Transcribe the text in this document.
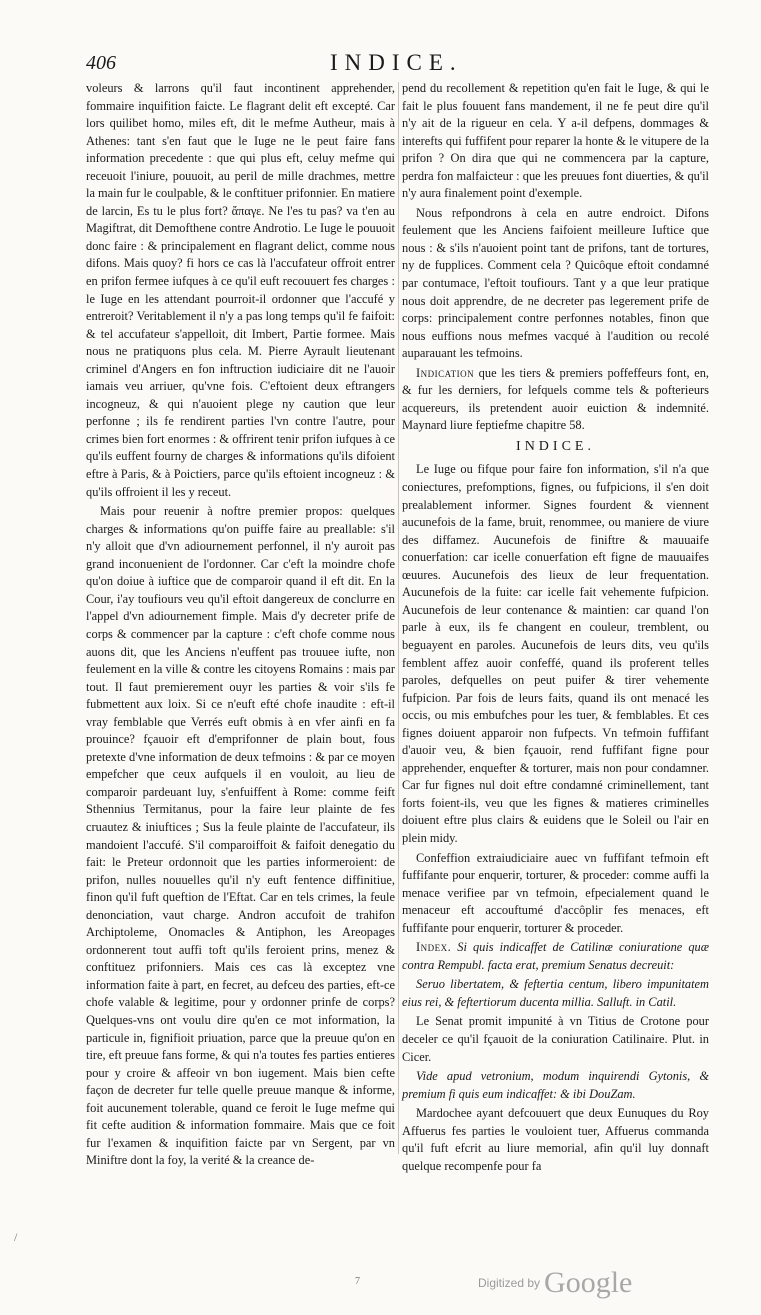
406	INDICE.

voleurs & larrons qu'il faut incontinent apprehender, fommaire inquifition faicte. Le flagrant delit eft excepté. Car lors quilibet homo, miles eft, dit le mefme Autheur, mais à Athenes: tant s'en faut que le Iuge ne le peut faire fans information precedente : que qui plus eft, celuy mefme qui receuoit l'iniure, pouuoit, au peril de mille drachmes, mettre la main fur le coulpable, & le conftituer prifonnier. En matiere de larcin, Es tu le plus fort? ἄπαγε. Ne l'es tu pas? va t'en au Magiftrat, dit Demofthene contre Androtio. Le Iuge le pouuoit donc faire : & principalement en flagrant delict, comme nous difons. Mais quoy? fi hors ce cas là l'accufateur offroit entrer en prifon fermee iufques à ce qu'il euft recouuert fes charges : le Iuge en les attendant pourroit-il ordonner que l'accufé y entreroit? Veritablement il n'y a pas long temps qu'il fe faifoit: & tel accufateur s'appelloit, dit Imbert, Partie formee. Mais nous ne pratiquons plus cela. M. Pierre Ayrault lieutenant criminel d'Angers en fon inftruction iudiciaire dit ne l'auoir iamais veu arriuer, qu'vne fois. C'eftoient deux eftrangers incogneuz, & qui n'auoient plege ny caution que leur perfonne ; ils fe rendirent parties l'vn contre l'autre, pour crimes bien fort enormes : & offrirent tenir prifon iufques à ce qu'ils euffent fourny de charges & informations qu'ils difoient eftre à Paris, & à Poictiers, parce qu'ils eftoient incogneuz : & qu'ils offroient il les y receut.

Mais pour reuenir à noftre premier propos: quelques charges & informations qu'on puiffe faire au preallable: s'il n'y alloit que d'vn adiournement perfonnel, il n'y auroit pas grand inconuenient de l'ordonner. Car c'eft la moindre chofe qu'on doiue à iuftice que de comparoir quand il eft dit. En la Cour, i'ay toufiours veu qu'il eftoit dangereux de conclurre en l'appel d'vn adiournement fimple. Mais d'y decreter prife de corps & commencer par la capture : c'eft chofe comme nous auons dit, que les Anciens n'euffent pas trouuee iufte, non feulement en la ville & contre les citoyens Romains : mais par tout. Il faut premierement ouyr les parties & voir s'ils fe fubmettent aux loix. Si ce n'euft efté chofe inaudite : eft-il vray femblable que Verrés euft obmis à en vfer ainfi en fa prouince? fçauoir eft d'emprifonner de plain bout, fous pretexte d'vne information de deux tefmoins : & par ce moyen empefcher que ceux aufquels il en vouloit, au lieu de comparoir pardeuant luy, s'enfuiffent à Rome: comme feift Sthennius Termitanus, pour la faire leur plainte de fes cruautez & iniuftices ; Sus la feule plainte de l'accufateur, ils mandoient l'accufé. S'il comparoiffoit & faifoit denegatio du fait: le Preteur ordonnoit que les parties informeroient: de prifon, nulles nouuelles qu'il n'y euft fentence diffinitiue, finon qu'il fuft queftion de l'Eftat. Car en tels crimes, la feule denonciation, vaut charge. Andron accufoit de trahifon Archiptoleme, Onomacles & Antiphon, les Areopages ordonnerent tout auffi toft qu'ils feroient prins, menez & conftituez prifonniers. Mais ces cas là exceptez vne information faite à part, en fecret, au defceu des parties, eft-ce chofe valable & legitime, pour y ordonner prinfe de corps? Quelques-vns ont voulu dire qu'en ce mot information, la particule in, fignifioit priuation, parce que la preuue qu'on en tire, eft preuue fans forme, & qui n'a toutes fes parties entieres pour y croire & affeoir vn bon iugement. Mais bien cefte façon de decreter fur telle quelle preuue manque & informe, foit aucunement tolerable, quand ce feroit le Iuge mefme qui fit cefte audition & information fommaire. Mais que ce foit fur l'examen & inquifition faicte par vn Sergent, par vn Miniftre dont la foy, la verité & la creance de-

pend du recollement & repetition qu'en fait le Iuge, & qui le fait le plus fouuent fans mandement, il ne fe peut dire qu'il n'y ait de la rigueur en cela. Y a-il defpens, dommages & interefts qui fuffifent pour reparer la honte & le vitupere de la prifon ? On dira que qui ne commencera par la capture, perdra fon malfaicteur : que les preuues font diuerties, & qu'il n'y aura finalement point d'exemple.

Nous refpondrons à cela en autre endroict. Difons feulement que les Anciens faifoient meilleure Iuftice que nous : & s'ils n'auoient point tant de prifons, tant de tortures, ny de fupplices. Comment cela ? Quicôque eftoit condamné par contumace, l'eftoit toufiours. Tant y a que leur pratique nous doit apprendre, de ne decreter pas legerement prife de corps: principalement contre perfonnes notables, finon que nous euffions nous mefmes vacqué à l'audition ou recolé auparauant les tefmoins.

Indication que les tiers & premiers poffeffeurs font, en, & fur les derniers, for lefquels comme tels & pofterieurs acquereurs, ils pretendent auoir euiction & indemnité. Maynard liure feptiefme chapitre 58.

INDICE.

Le Iuge ou fifque pour faire fon information, s'il n'a que coniectures, prefomptions, fignes, ou fufpicions, il s'en doit prealablement informer. Signes fourdent & viennent aucunefois de la fame, bruit, renommee, ou maniere de viure des diffamez. Aucunefois de finiftre & mauuaife conuerfation: car icelle conuerfation eft figne de mauuaifes œuures. Aucunefois des lieux de leur frequentation. Aucunefois de la fuite: car icelle fait vehemente fufpicion. Aucunefois de leur contenance & maintien: car quand l'on parle à eux, ils fe changent en couleur, tremblent, ou beguayent en paroles. Aucunefois de leurs dits, veu qu'ils femblent affez auoir confeffé, quand ils proferent telles paroles, defquelles on peut puifer & tirer vehemente fufpicion. Par fois de leurs faits, quand ils ont menacé les occis, ou mis embufches pour les tuer, & femblables. Et ces fignes doiuent apparoir non fufpects. Vn tefmoin fuffifant d'auoir veu, & bien fçauoir, rend fuffifant figne pour apprehender, enquefter & torturer, mais non pour condamner. Car fur fignes nul doit eftre condamné criminellement, tant forts foient-ils, veu que les fignes & matieres criminelles doiuent eftre plus clairs & euidens que le Soleil ou l'air en plein midy.

Confeffion extraiudiciaire auec vn fuffifant tefmoin eft fuffifante pour enquerir, torturer, & proceder: comme auffi la menace verifiee par vn tefmoin, efpecialement quand le menaceur eft accouftumé d'accôplir fes menaces, eft fuffifante pour enquerir, torturer & proceder.

Index. Si quis indicaffet de Catilinæ coniuratione quæ contra Rempubl. facta erat, premium Senatus decreuit:

Seruo libertatem, & feftertia centum, libero impunitatem eius rei, & feftertiorum ducenta millia. Salluft. in Catil.

Le Senat promit impunité à vn Titius de Crotone pour deceler ce qu'il fçauoit de la coniuration Catilinaire. Plut. in Cicer.

Vide apud vetronium, modum inquirendi Gytonis, & premium fi quis eum indicaffet: & ibi DouZam.

Mardochee ayant defcouuert que deux Eunuques du Roy Affuerus fes parties le vouloient tuer, Affuerus commanda qu'il fuft efcrit au liure memorial, afin qu'il luy donnaft quelque recompenfe pour fa

/
7	Digitized by Google
